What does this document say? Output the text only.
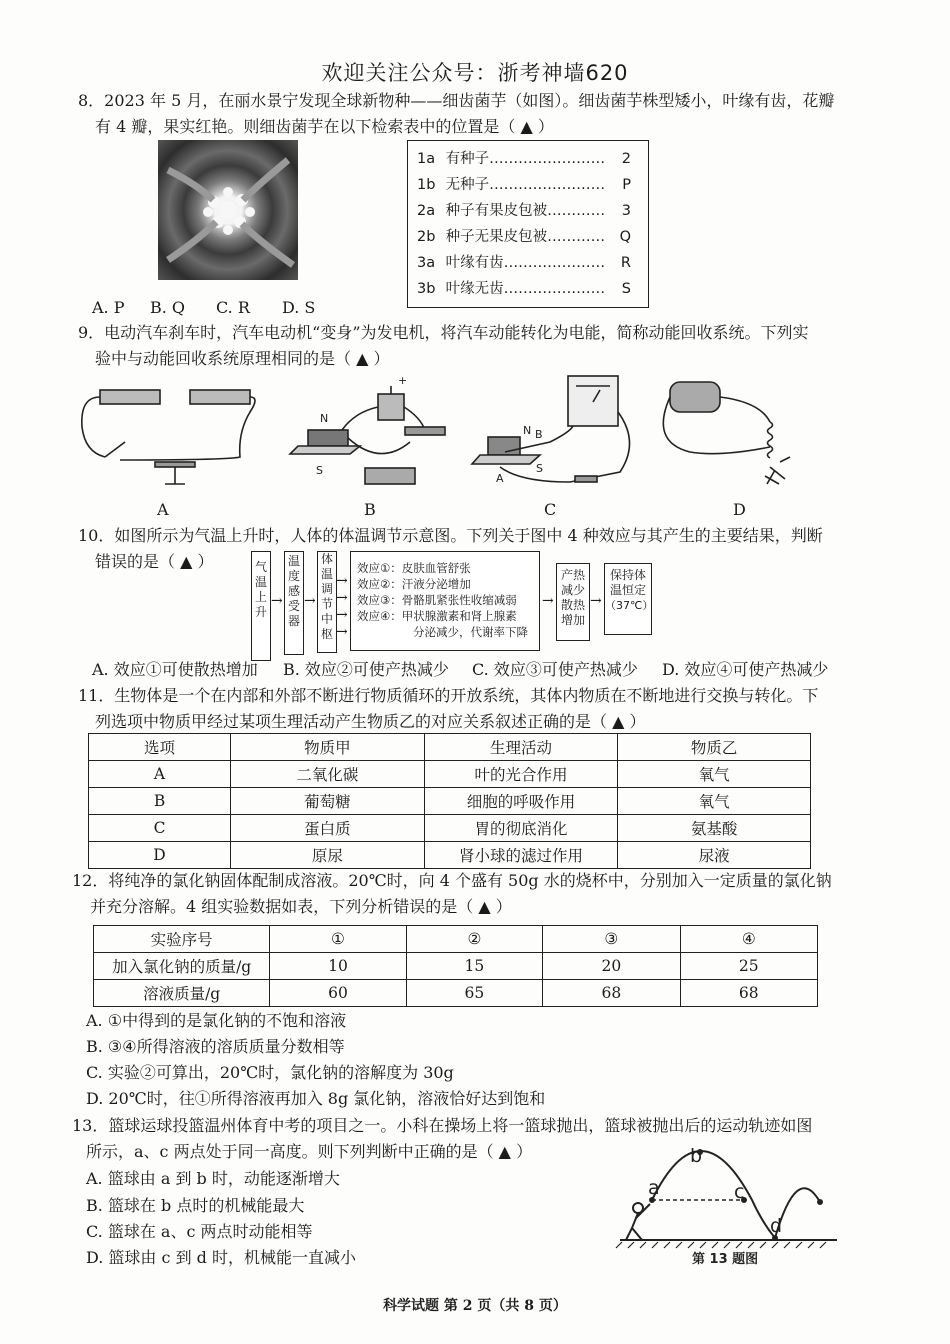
欢迎关注公众号：浙考神墙620
8．2023 年 5 月，在丽水景宁发现全球新物种——细齿菌芋（如图）。细齿菌芋株型矮小，叶缘有齿，花瓣
有 4 瓣，果实红艳。则细齿菌芋在以下检索表中的位置是（ ▲ ）
1a 有种子…………………… 2
1b 无种子…………………… P
2a 种子有果皮包被………… 3
2b 种子无果皮包被………… Q
3a 叶缘有齿………………… R
3b 叶缘无齿………………… S
A. P B. Q C. R D. S
9．电动汽车刹车时，汽车电动机“变身”为发电机，将汽车动能转化为电能，简称动能回收系统。下列实
验中与动能回收系统原理相同的是（ ▲ ）
N
S
+
B
N
S
A
A	B	C	D
10．如图所示为气温上升时，人体的体温调节示意图。下列关于图中 4 种效应与其产生的主要结果，判断
错误的是（ ▲ ）	气温上升
→
温度感受器
→
体温调节中枢
→
→
→
→
效应①：皮肤血管舒张
效应②：汗液分泌增加
效应③：骨骼肌紧张性收缩减弱
效应④：甲状腺激素和肾上腺素
分泌减少，代谢率下降
→
产热减少散热增加
→
保持体温恒定
（37℃）
A. 效应①可使散热增加 B. 效应②可使产热减少 C. 效应③可使产热减少 D. 效应④可使产热减少
11．生物体是一个在内部和外部不断进行物质循环的开放系统，其体内物质在不断地进行交换与转化。下
列选项中物质甲经过某项生理活动产生物质乙的对应关系叙述正确的是（ ▲ ）
选项	物质甲	生理活动	物质乙
A	二氧化碳	叶的光合作用	氧气
B	葡萄糖	细胞的呼吸作用	氧气
C	蛋白质	胃的彻底消化	氨基酸
D	原尿	肾小球的滤过作用	尿液
12．将纯净的氯化钠固体配制成溶液。20℃时，向 4 个盛有 50g 水的烧杯中，分别加入一定质量的氯化钠
并充分溶解。4 组实验数据如表，下列分析错误的是（ ▲ ）
实验序号	①	②	③	④
加入氯化钠的质量/g	10	15	20	25
溶液质量/g	60	65	68	68
A. ①中得到的是氯化钠的不饱和溶液
B. ③④所得溶液的溶质质量分数相等
C. 实验②可算出，20℃时，氯化钠的溶解度为 30g
D. 20℃时，往①所得溶液再加入 8g 氯化钠，溶液恰好达到饱和
13．篮球运球投篮温州体育中考的项目之一。小科在操场上将一篮球抛出，篮球被抛出后的运动轨迹如图
所示，a、c 两点处于同一高度。则下列判断中正确的是（ ▲ ）
A. 篮球由 a 到 b 时，动能逐渐增大
B. 篮球在 b 点时的机械能最大
C. 篮球在 a、c 两点时动能相等
D. 篮球由 c 到 d 时，机械能一直减小
a
b
c
d
第 13 题图
科学试题 第 2 页（共 8 页）
